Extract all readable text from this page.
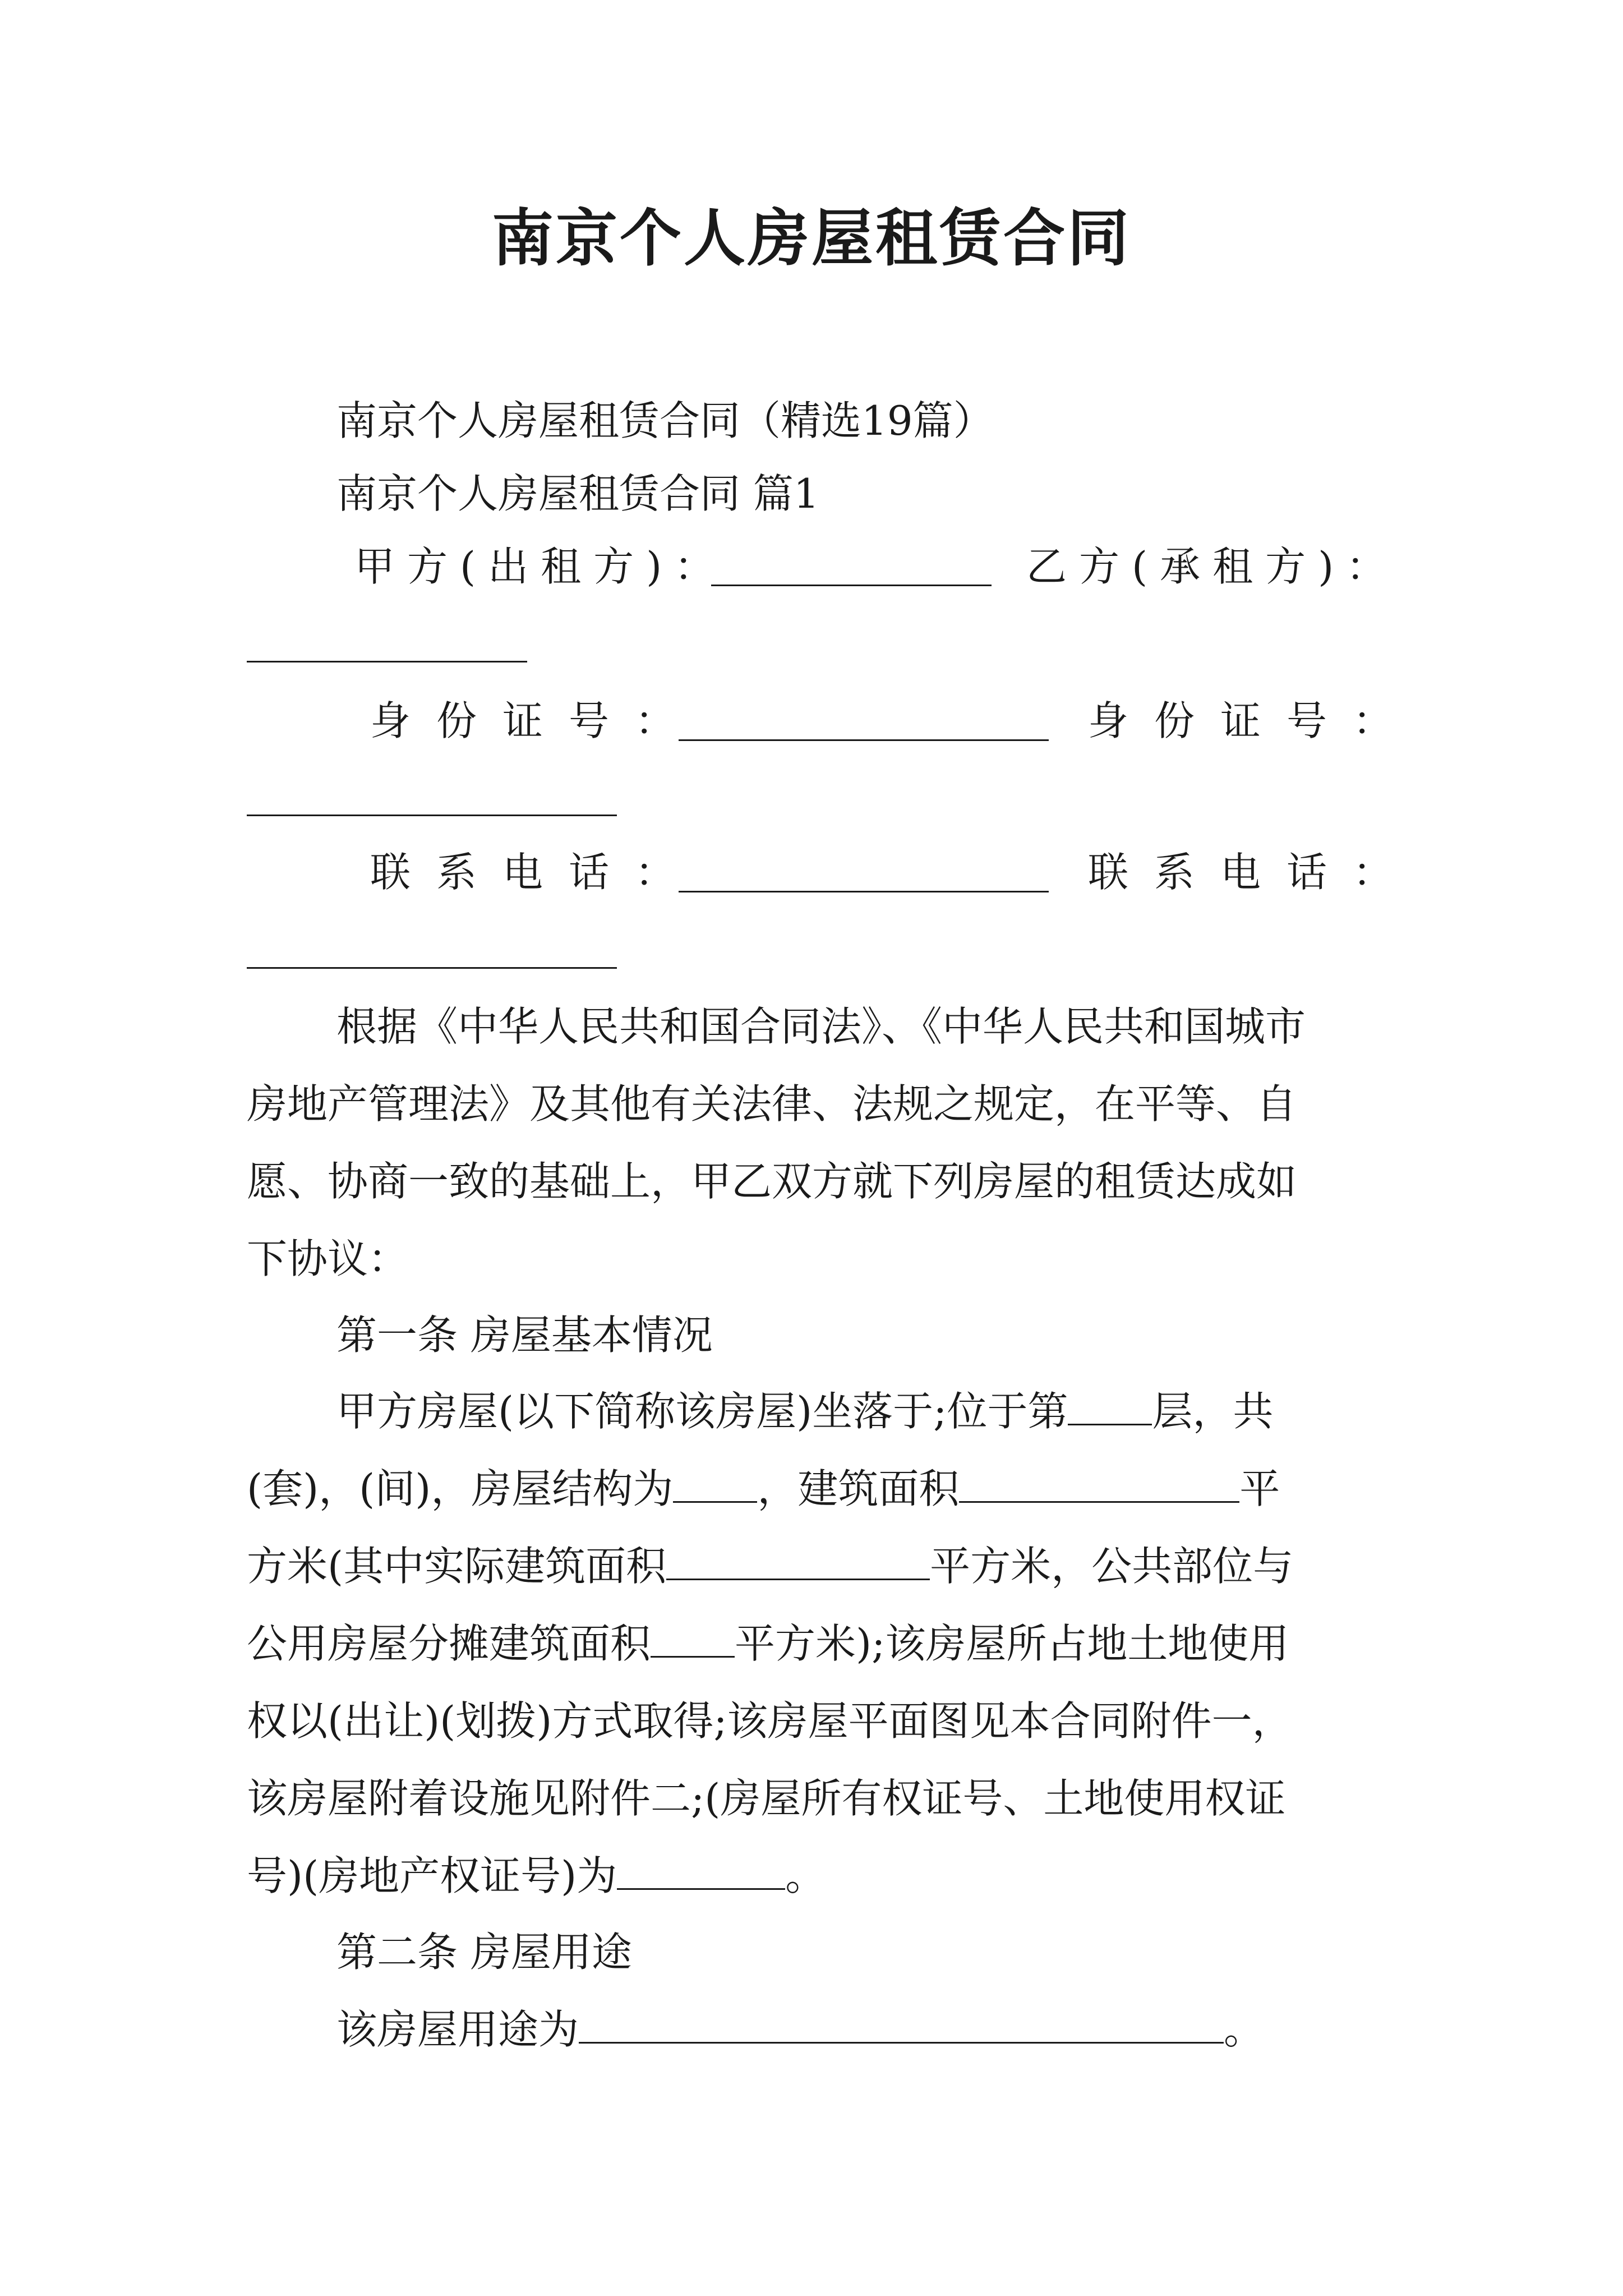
南京个人房屋租赁合同
南京个人房屋租赁合同（精选19篇）
南京个人房屋租赁合同 篇1
甲方(出租方)：	乙方(承租方)：
身份证号：	身份证号：
联系电话：	联系电话：
根据《中华人民共和国合同法》、《中华人民共和国城市
房地产管理法》及其他有关法律、法规之规定，在平等、自
愿、协商一致的基础上，甲乙双方就下列房屋的租赁达成如
下协议：
第一条 房屋基本情况
甲方房屋(以下简称该房屋)坐落于;位于第 层，共
(套)，(间)，房屋结构为 ，建筑面积	平
方米(其中实际建筑面积	平方米，公共部位与
公用房屋分摊建筑面积 平方米);该房屋所占地土地使用
权以(出让)(划拨)方式取得;该房屋平面图见本合同附件一，
该房屋附着设施见附件二;(房屋所有权证号、土地使用权证
号)(房地产权证号)为	。
第二条 房屋用途
该房屋用途为	。
